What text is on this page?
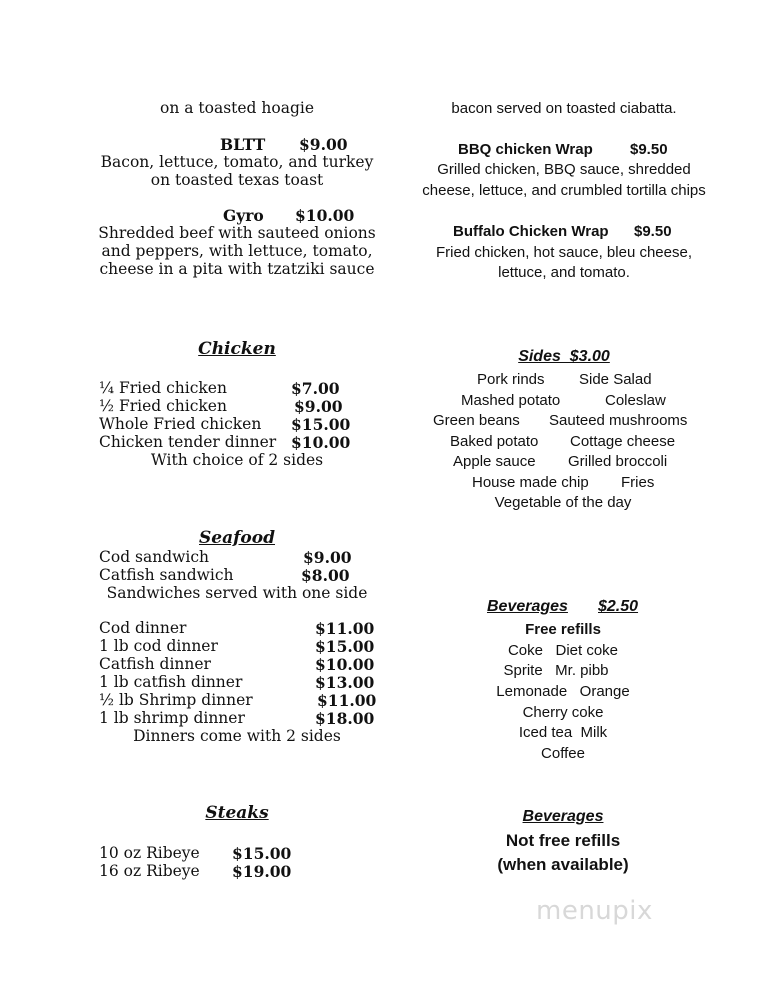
on a toasted hoagie
BLTT $9.00
Bacon, lettuce, tomato, and turkey
on toasted texas toast
Gyro $10.00
Shredded beef with sauteed onions
and peppers, with lettuce, tomato,
cheese in a pita with tzatziki sauce
Chicken
¼ Fried chicken	$7.00
½ Fried chicken	$9.00
Whole Fried chicken $15.00
Chicken tender dinner $10.00
With choice of 2 sides
Seafood
Cod sandwich	$9.00
Catfish sandwich	$8.00
Sandwiches served with one side
Cod dinner	$11.00
1 lb cod dinner	$15.00
Catfish dinner	$10.00
1 lb catfish dinner	$13.00
½ lb Shrimp dinner	$11.00
1 lb shrimp dinner	$18.00
Dinners come with 2 sides
Steaks
10 oz Ribeye $15.00
16 oz Ribeye $19.00
bacon served on toasted ciabatta.
BBQ chicken Wrap $9.50
Grilled chicken, BBQ sauce, shredded
cheese, lettuce, and crumbled tortilla chips
Buffalo Chicken Wrap $9.50
Fried chicken, hot sauce, bleu cheese,
lettuce, and tomato.
Sides  $3.00
Pork rinds Side Salad
Mashed potato	Coleslaw
Green beans Sauteed mushrooms
Baked potato Cottage cheese
Apple sauce Grilled broccoli
House made chip Fries
Vegetable of the day
Beverages $2.50
Free refills
Coke   Diet coke
Sprite   Mr. pibb
Lemonade   Orange
Cherry coke
Iced tea  Milk
Coffee
Beverages
Not free refills
(when available)
menupix
